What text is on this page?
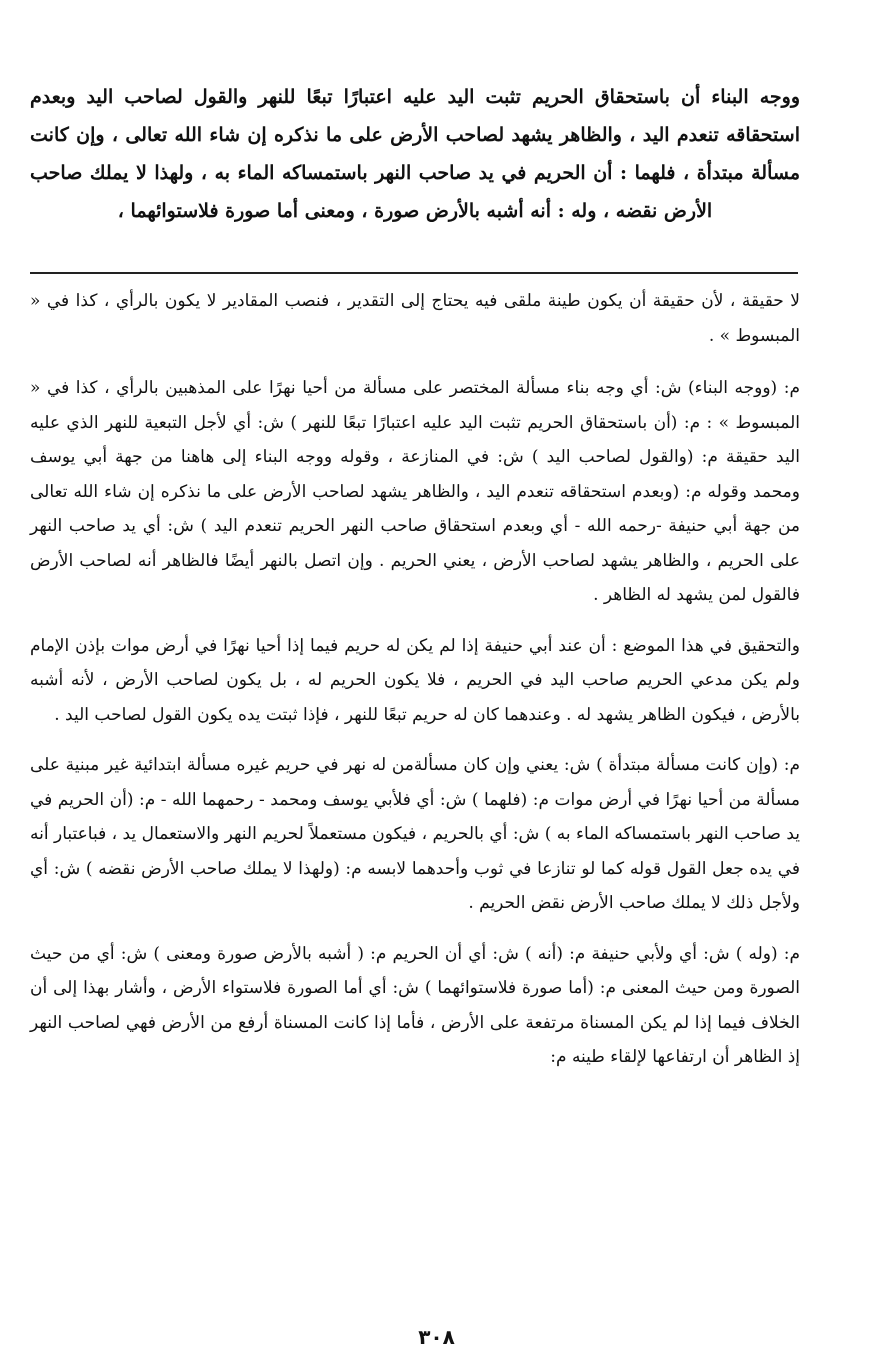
ووجه البناء أن باستحقاق الحريم تثبت اليد عليه اعتبارًا تبعًا للنهر والقول لصاحب اليد وبعدم استحقاقه تنعدم اليد ، والظاهر يشهد لصاحب الأرض على ما نذكره إن شاء الله تعالى ، وإن كانت مسألة مبتدأة ، فلهما : أن الحريم في يد صاحب النهر باستمساكه الماء به ، ولهذا لا يملك صاحب الأرض نقضه ، وله : أنه أشبه بالأرض صورة ، ومعنى أما صورة فلاستوائهما ،

لا حقيقة ، لأن حقيقة أن يكون طينة ملقى فيه يحتاج إلى التقدير ، فنصب المقادير لا يكون بالرأي ، كذا في « المبسوط » .

م: (ووجه البناء) ش: أي وجه بناء مسألة المختصر على مسألة من أحيا نهرًا على المذهبين بالرأي ، كذا في « المبسوط » : م: (أن باستحقاق الحريم تثبت اليد عليه اعتبارًا تبعًا للنهر ) ش: أي لأجل التبعية للنهر الذي عليه اليد حقيقة م: (والقول لصاحب اليد ) ش: في المنازعة ، وقوله ووجه البناء إلى هاهنا من جهة أبي يوسف ومحمد وقوله م: (وبعدم استحقاقه تنعدم اليد ، والظاهر يشهد لصاحب الأرض على ما نذكره إن شاء الله تعالى من جهة أبي حنيفة -رحمه الله - أي وبعدم استحقاق صاحب النهر الحريم تنعدم اليد ) ش: أي يد صاحب النهر على الحريم ، والظاهر يشهد لصاحب الأرض ، يعني الحريم . وإن اتصل بالنهر أيضًا فالظاهر أنه لصاحب الأرض فالقول لمن يشهد له الظاهر .

والتحقيق في هذا الموضع : أن عند أبي حنيفة إذا لم يكن له حريم فيما إذا أحيا نهرًا في أرض موات بإذن الإمام ولم يكن مدعي الحريم صاحب اليد في الحريم ، فلا يكون الحريم له ، بل يكون لصاحب الأرض ، لأنه أشبه بالأرض ، فيكون الظاهر يشهد له . وعندهما كان له حريم تبعًا للنهر ، فإذا ثبتت يده يكون القول لصاحب اليد .

م: (وإن كانت مسألة مبتدأة ) ش: يعني وإن كان مسألةمن له نهر في حريم غيره مسألة ابتدائية غير مبنية على مسألة من أحيا نهرًا في أرض موات م: (فلهما ) ش: أي فلأبي يوسف ومحمد - رحمهما الله - م: (أن الحريم في يد صاحب النهر باستمساكه الماء به ) ش: أي بالحريم ، فيكون مستعملاً لحريم النهر والاستعمال يد ، فباعتبار أنه في يده جعل القول قوله كما لو تنازعا في ثوب وأحدهما لابسه م: (ولهذا لا يملك صاحب الأرض نقضه ) ش: أي ولأجل ذلك لا يملك صاحب الأرض نقض الحريم .

م: (وله ) ش: أي ولأبي حنيفة م: (أنه ) ش: أي أن الحريم م: ( أشبه بالأرض صورة ومعنى ) ش: أي من حيث الصورة ومن حيث المعنى م: (أما صورة فلاستوائهما ) ش: أي أما الصورة فلاستواء الأرض ، وأشار بهذا إلى أن الخلاف فيما إذا لم يكن المسناة مرتفعة على الأرض ، فأما إذا كانت المسناة أرفع من الأرض فهي لصاحب النهر إذ الظاهر أن ارتفاعها لإلقاء طينه م:

٣٠٨
